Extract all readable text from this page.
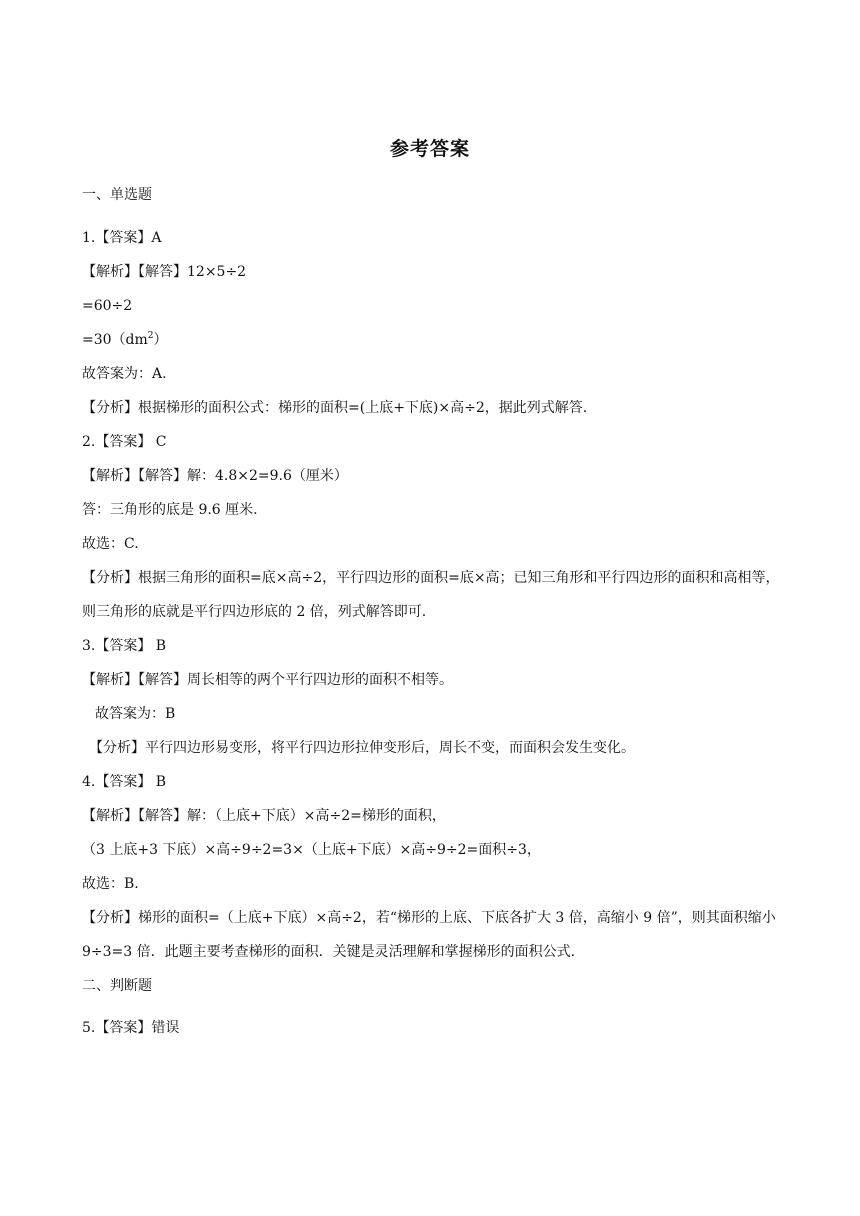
参考答案
一、单选题
1.【答案】A
【解析】【解答】12×5÷2
=60÷2
$=30(dm^2)$
故答案为：A.
【分析】根据梯形的面积公式：梯形的面积=(上底+下底)×高÷2，据此列式解答.
2.【答案】 C
【解析】【解答】解：4.8×2=9.6（厘米）
答：三角形的底是 9.6 厘米.
故选：C.
【分析】根据三角形的面积=底×高÷2，平行四边形的面积=底×高；已知三角形和平行四边形的面积和高相等，则三角形的底就是平行四边形底的 2 倍，列式解答即可.
3.【答案】 B
【解析】【解答】周长相等的两个平行四边形的面积不相等。
故答案为：B
【分析】平行四边形易变形，将平行四边形拉伸变形后，周长不变，而面积会发生变化。
4.【答案】 B
【解析】【解答】解：（上底+下底）×高÷2=梯形的面积，
（3 上底+3 下底）×高÷9÷2=3×（上底+下底）×高÷9÷2=面积÷3，
故选：B.
【分析】梯形的面积=（上底+下底）×高÷2，若“梯形的上底、下底各扩大 3 倍，高缩小 9 倍”，则其面积缩小 9÷3=3 倍．此题主要考查梯形的面积．关键是灵活理解和掌握梯形的面积公式.
二、判断题
5.【答案】错误
